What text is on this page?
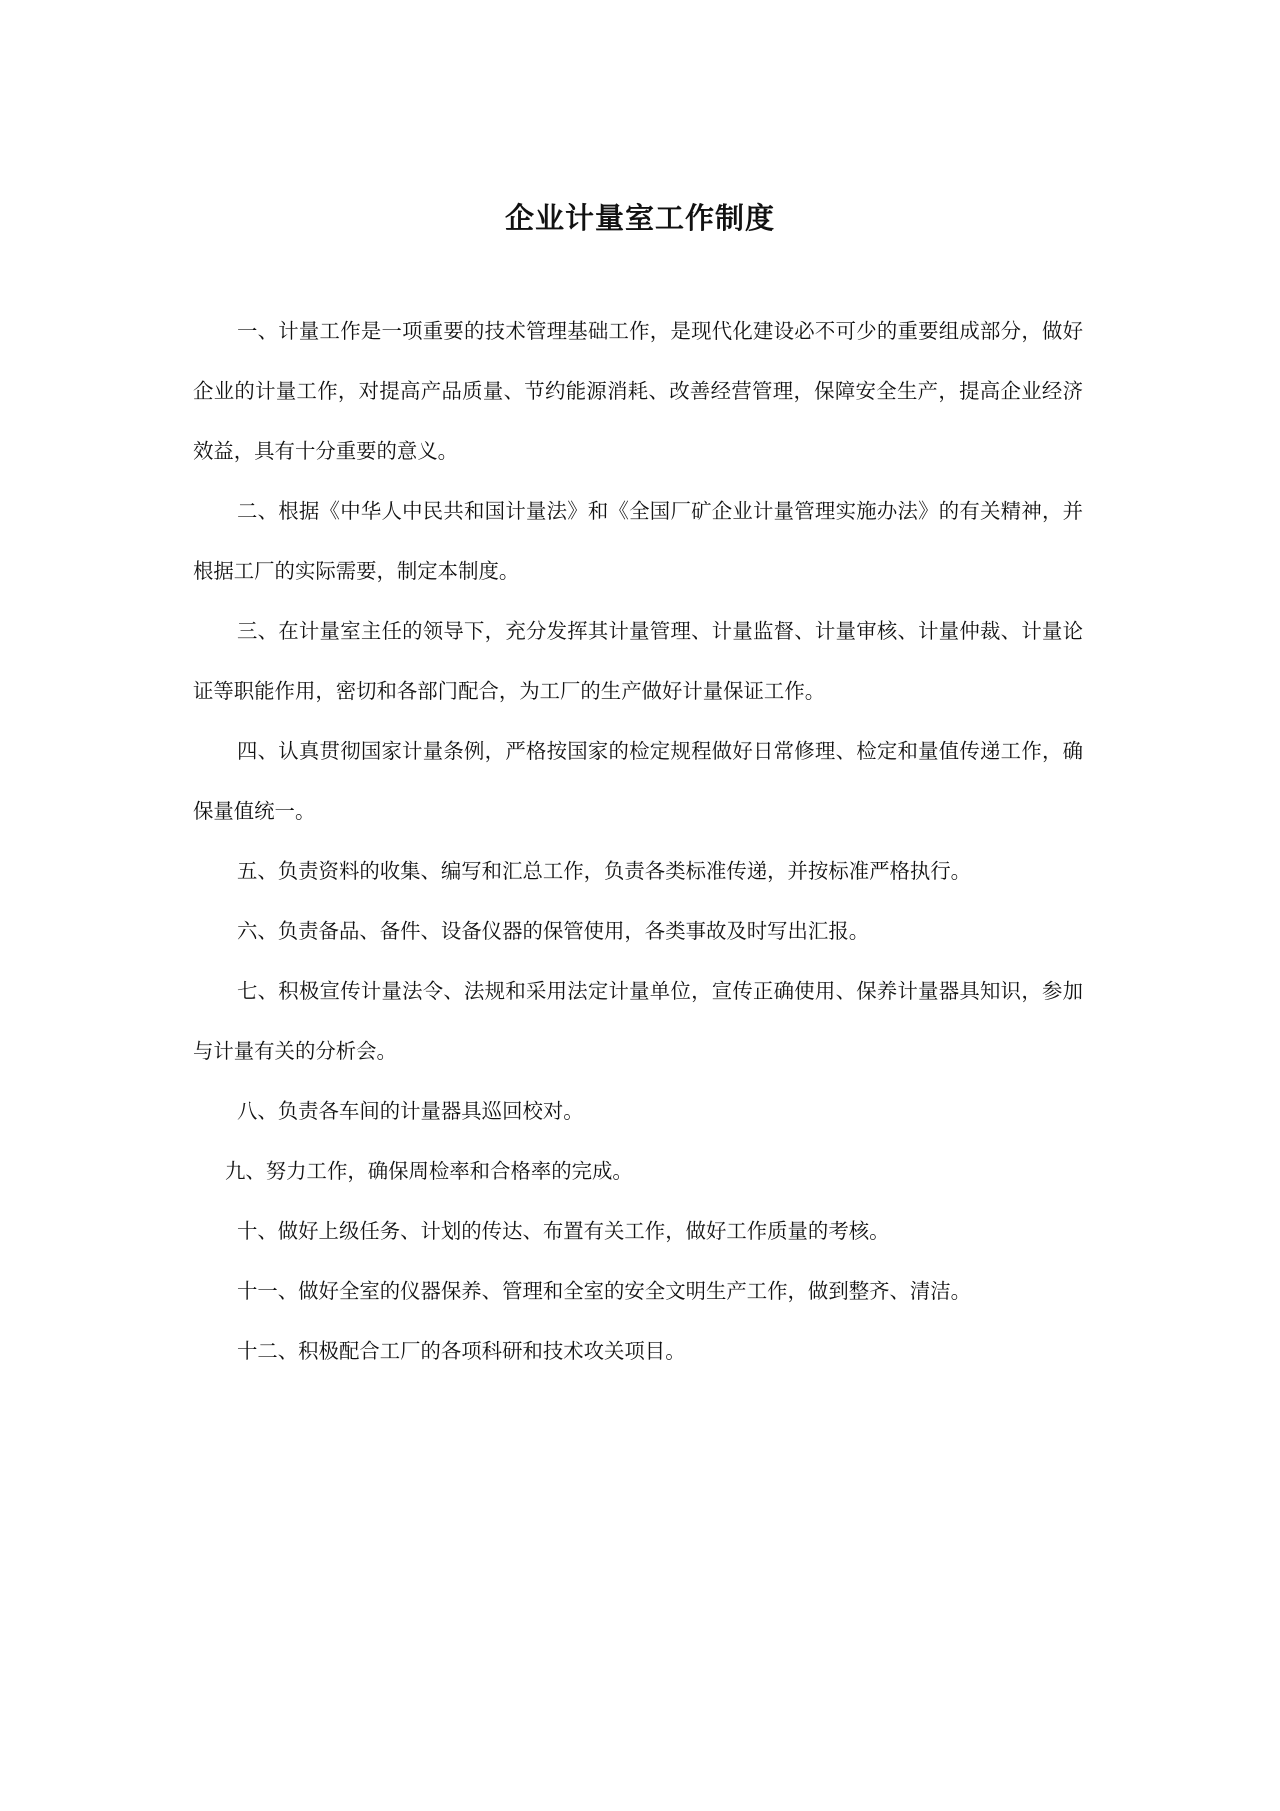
企业计量室工作制度

一、计量工作是一项重要的技术管理基础工作，是现代化建设必不可少的重要组成部分，做好企业的计量工作，对提高产品质量、节约能源消耗、改善经营管理，保障安全生产，提高企业经济效益，具有十分重要的意义。

二、根据《中华人中民共和国计量法》和《全国厂矿企业计量管理实施办法》的有关精神，并根据工厂的实际需要，制定本制度。

三、在计量室主任的领导下，充分发挥其计量管理、计量监督、计量审核、计量仲裁、计量论证等职能作用，密切和各部门配合，为工厂的生产做好计量保证工作。

四、认真贯彻国家计量条例，严格按国家的检定规程做好日常修理、检定和量值传递工作，确保量值统一。

五、负责资料的收集、编写和汇总工作，负责各类标准传递，并按标准严格执行。

六、负责备品、备件、设备仪器的保管使用，各类事故及时写出汇报。

七、积极宣传计量法令、法规和采用法定计量单位，宣传正确使用、保养计量器具知识，参加与计量有关的分析会。

八、负责各车间的计量器具巡回校对。

九、努力工作，确保周检率和合格率的完成。

十、做好上级任务、计划的传达、布置有关工作，做好工作质量的考核。

十一、做好全室的仪器保养、管理和全室的安全文明生产工作，做到整齐、清洁。

十二、积极配合工厂的各项科研和技术攻关项目。
